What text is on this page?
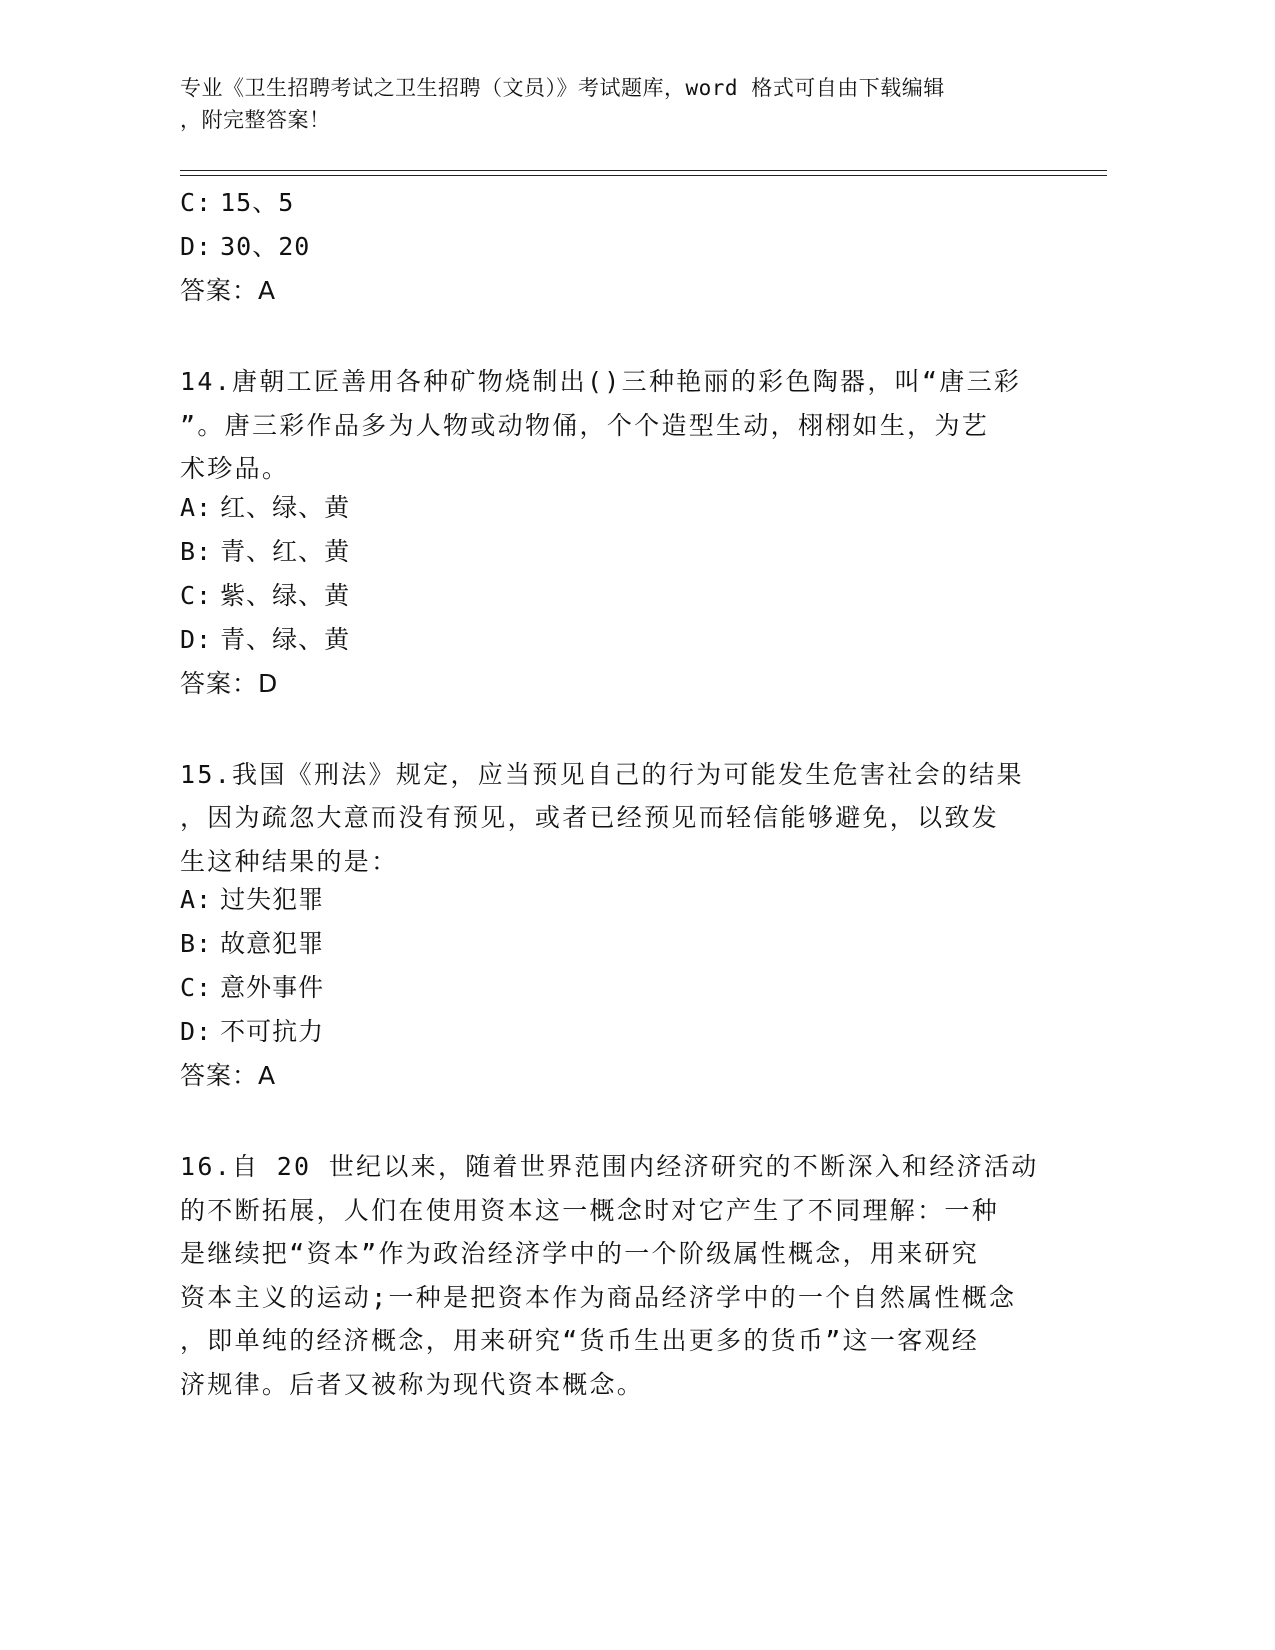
专业《卫生招聘考试之卫生招聘（文员）》考试题库，word 格式可自由下载编辑
，附完整答案！
C: 15、5
D: 30、20
答案：A
14.唐朝工匠善用各种矿物烧制出()三种艳丽的彩色陶器，叫“唐三彩
”。唐三彩作品多为人物或动物俑，个个造型生动，栩栩如生，为艺
术珍品。
A: 红、绿、黄
B: 青、红、黄
C: 紫、绿、黄
D: 青、绿、黄
答案：D
15.我国《刑法》规定，应当预见自己的行为可能发生危害社会的结果
，因为疏忽大意而没有预见，或者已经预见而轻信能够避免，以致发
生这种结果的是：
A: 过失犯罪
B: 故意犯罪
C: 意外事件
D: 不可抗力
答案：A
16.自 20 世纪以来，随着世界范围内经济研究的不断深入和经济活动
的不断拓展，人们在使用资本这一概念时对它产生了不同理解：一种
是继续把“资本”作为政治经济学中的一个阶级属性概念，用来研究
资本主义的运动;一种是把资本作为商品经济学中的一个自然属性概念
，即单纯的经济概念，用来研究“货币生出更多的货币”这一客观经
济规律。后者又被称为现代资本概念。
